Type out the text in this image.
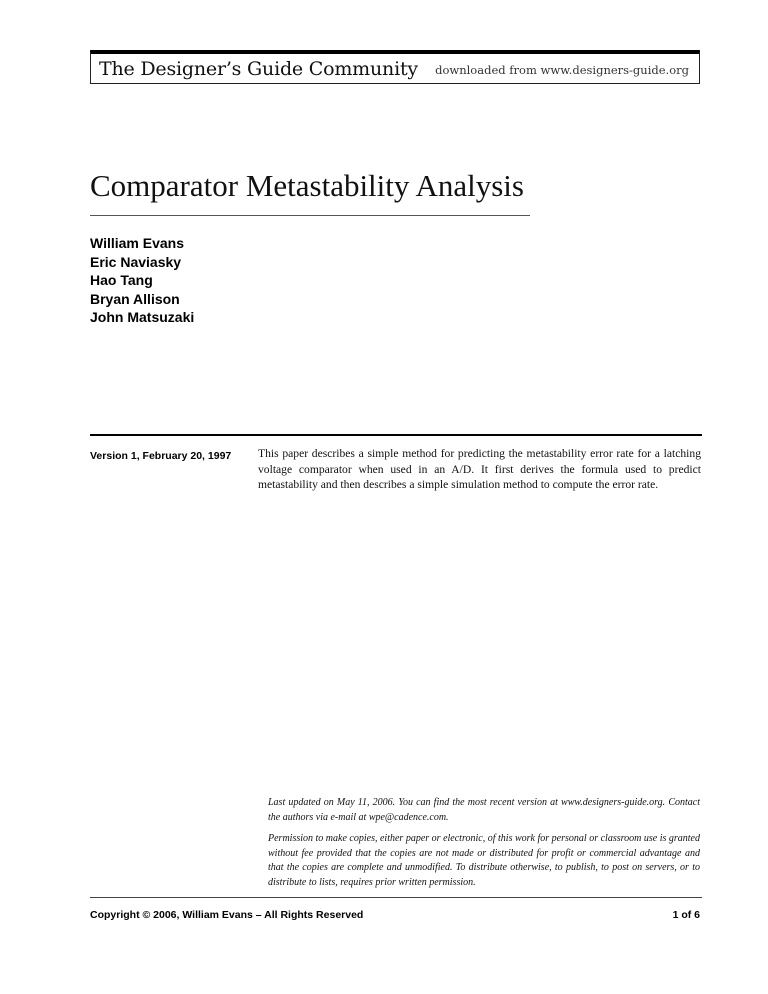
The Designer’s Guide Community downloaded from www.designers-guide.org
Comparator Metastability Analysis
William Evans
Eric Naviasky
Hao Tang
Bryan Allison
John Matsuzaki
Version 1, February 20, 1997 This paper describes a simple method for predicting the metastability error rate for a latching voltage comparator when used in an A/D. It first derives the formula used to predict metastability and then describes a simple simulation method to compute the error rate.

Last updated on May 11, 2006. You can find the most recent version at www.designers-guide.org. Contact the authors via e-mail at wpe@cadence.com.

Permission to make copies, either paper or electronic, of this work for personal or classroom use is granted without fee provided that the copies are not made or distributed for profit or commercial advantage and that the copies are complete and unmodified. To distribute otherwise, to publish, to post on servers, or to distribute to lists, requires prior written permission.

Copyright © 2006, William Evans – All Rights Reserved	1 of 6
